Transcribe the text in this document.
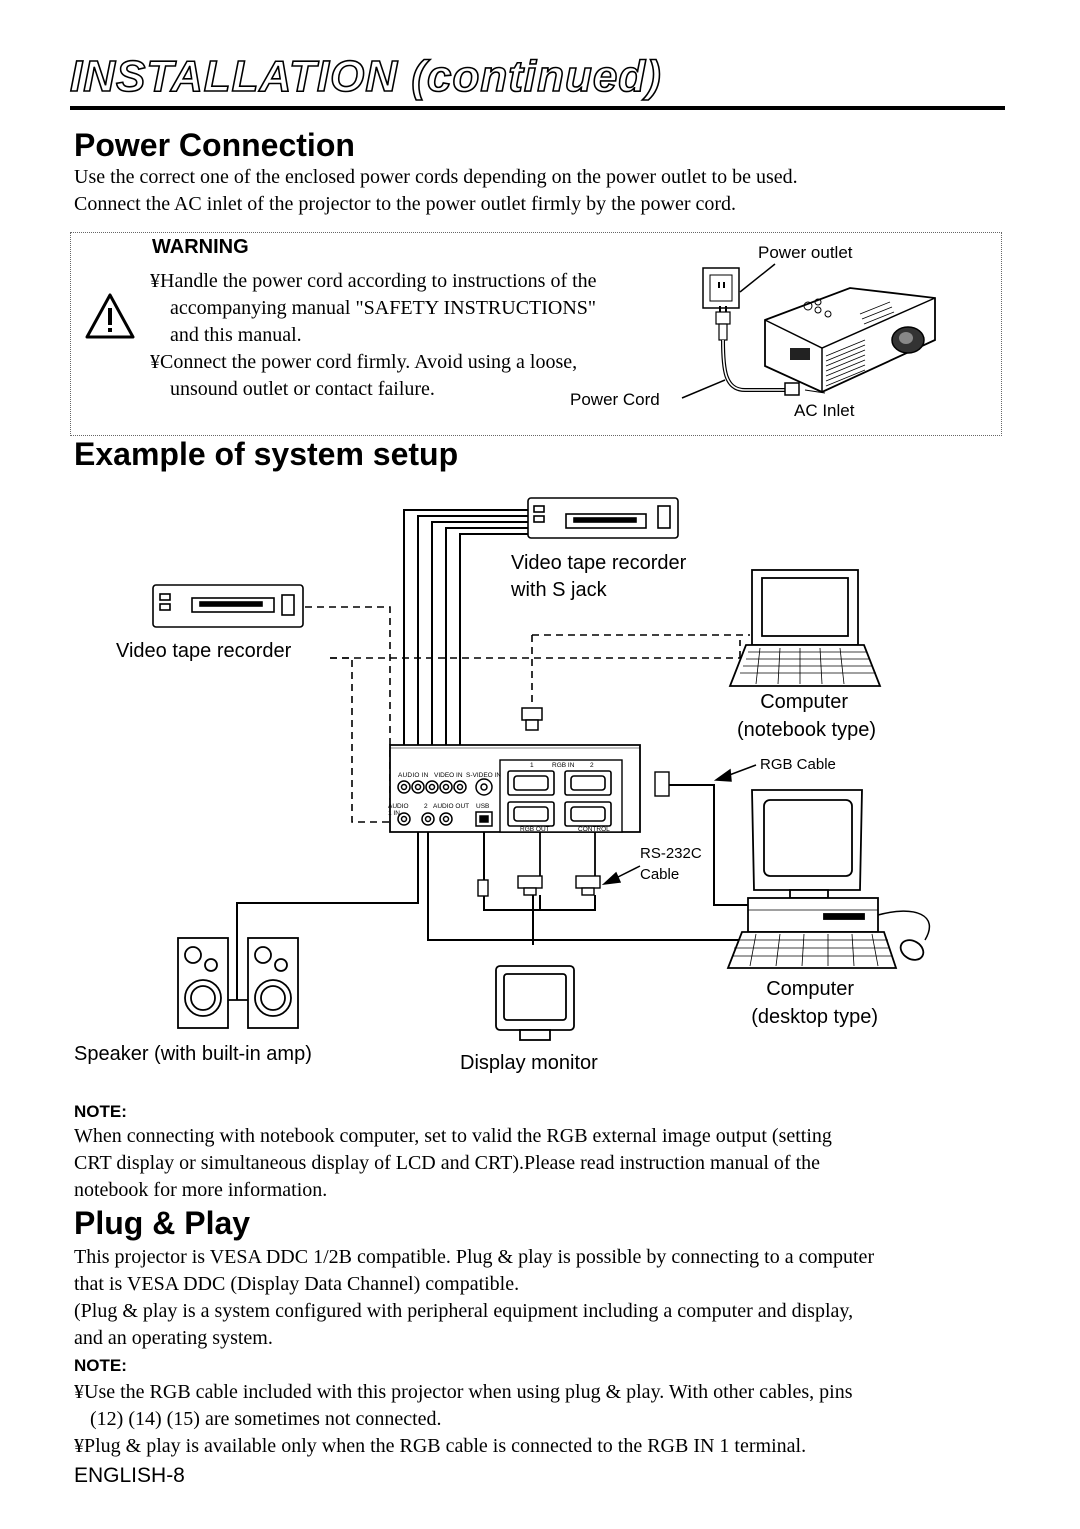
INSTALLATION (continued)
Power Connection
Use the correct one of the enclosed power cords depending on the power outlet to be used.
Connect the AC inlet of the projector to the power outlet firmly by the power cord.
WARNING
¥Handle the power cord according to instructions of the
accompanying manual "SAFETY INSTRUCTIONS"
and this manual.
¥Connect the power cord firmly. Avoid using a loose,
unsound outlet or contact failure.
Power outlet
Power Cord
AC Inlet
Example of system setup
AUDIO IN VIDEO IN S-VIDEO IN
1	RGB IN 2
AUDIO 1 IN
2 AUDIO OUT USB
RGB OUT	CONTROL
Video tape recorder
with S jack
Video tape recorder
Computer
(notebook type)
RGB Cable
RS-232C
Cable
Computer
(desktop type)
Speaker (with built-in amp)	Display monitor
NOTE:
When connecting with notebook computer, set to valid the RGB external image output (setting
CRT display or simultaneous display of LCD and CRT).Please read instruction manual of the
notebook for more information.
Plug & Play
This projector is VESA DDC 1/2B compatible. Plug & play is possible by connecting to a computer
that is VESA DDC (Display Data Channel) compatible.
(Plug & play is a system configured with peripheral equipment including a computer and display,
and an operating system.
NOTE:
¥Use the RGB cable included with this projector when using plug & play. With other cables, pins
(12) (14) (15) are sometimes not connected.
¥Plug & play is available only when the RGB cable is connected to the RGB IN 1 terminal.
ENGLISH-8
